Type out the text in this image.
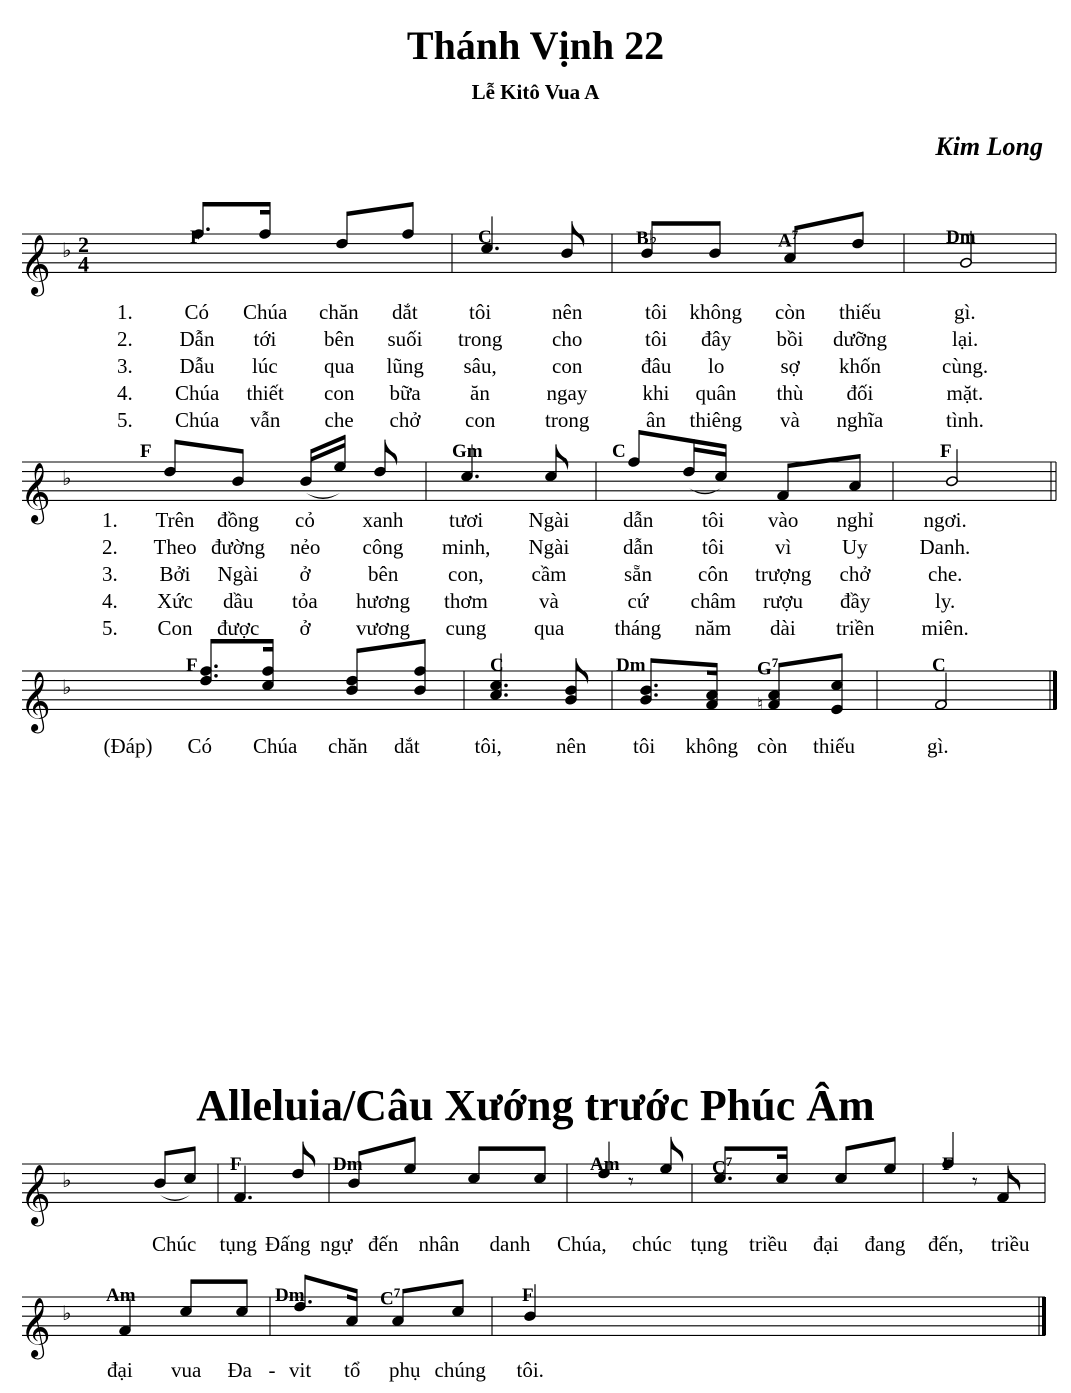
Thánh Vịnh 22
Lễ Kitô Vua A
Kim Long
Alleluia/Câu Xướng trước Phúc Âm
𝄞 ♭ 2
4
𝄞 ♭
𝄞 ♭
♮
𝄞 ♭	𝄾	𝄾
𝄞 ♭
F	C	B♭	$A^7$	Dm
1. Có Chúa chăn dắt tôi	nên	tôi không còn thiếu	gì.
2. Dẫn tới bên suối trong cho	tôi đây bồi dưỡng	lại.
3. Dẫu lúc qua lũng sâu,	con	đâu lo	sợ khốn	cùng.
4. Chúa thiết con bữa ăn	ngay	khi quân thù đối	mặt.
5. Chúa vẫn che chở con trong	ân thiêng và nghĩa	tình.
F	Gm	C	F
1. Trên đồng cỏ xanh tươi Ngài	dẫn tôi vào nghỉ ngơi.
2. Theo đường nẻo công minh, Ngài	dẫn tôi vì Uy Danh.
3. Bởi Ngài ở	bên con, cầm	sẵn côn trượng chở	che.
4. Xức dầu tỏa hương thơm và	cứ châm rượu đầy	ly.
5. Con được ở vương cung qua tháng năm dài triền miên.
F	C	Dm	$G^7$	C
(Đáp) Có Chúa chăn dắt	tôi,	nên tôi không còn thiếu	gì.
F	Dm	Am	$C^7$	F
Chúc tụng Đấng ngự đến nhân danh Chúa, chúc tụng triều đại đang đến, triều
Am	Dm	$C^7$	F
đại vua Đa - vit tổ phụ chúng tôi.
